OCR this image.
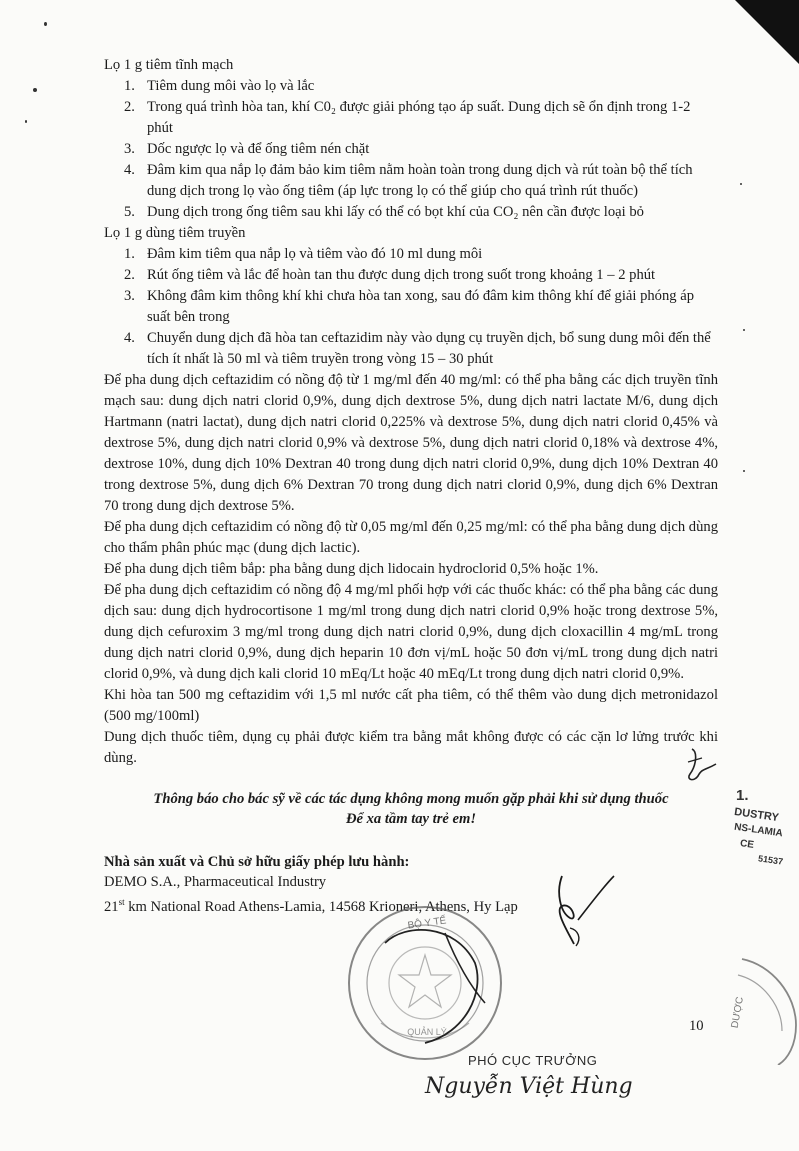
Lọ 1 g tiêm tĩnh mạch
1. Tiêm dung môi vào lọ và lắc
2. Trong quá trình hòa tan, khí C0₂ được giải phóng tạo áp suất. Dung dịch sẽ ổn định trong 1-2 phút
3. Dốc ngược lọ và để ống tiêm nén chặt
4. Đâm kim qua nắp lọ đảm bảo kim tiêm nằm hoàn toàn trong dung dịch và rút toàn bộ thể tích dung dịch trong lọ vào ống tiêm (áp lực trong lọ có thể giúp cho quá trình rút thuốc)
5. Dung dịch trong ống tiêm sau khi lấy có thể có bọt khí của CO₂ nên cần được loại bỏ
Lọ 1 g dùng tiêm truyền
1. Đâm kim tiêm qua nắp lọ và tiêm vào đó 10 ml dung môi
2. Rút ống tiêm và lắc để hoàn tan thu được dung dịch trong suốt trong khoảng 1 – 2 phút
3. Không đâm kim thông khí khi chưa hòa tan xong, sau đó đâm kim thông khí để giải phóng áp suất bên trong
4. Chuyển dung dịch đã hòa tan ceftazidim này vào dụng cụ truyền dịch, bổ sung dung môi đến thể tích ít nhất là 50 ml và tiêm truyền trong vòng 15 – 30 phút

Để pha dung dịch ceftazidim có nồng độ từ 1 mg/ml đến 40 mg/ml: có thể pha bằng các dịch truyền tĩnh mạch sau: dung dịch natri clorid 0,9%, dung dịch dextrose 5%, dung dịch natri lactate M/6, dung dịch Hartmann (natri lactat), dung dịch natri clorid 0,225% và dextrose 5%, dung dịch natri clorid 0,45% và dextrose 5%, dung dịch natri clorid 0,9% và dextrose 5%, dung dịch natri clorid 0,18% và dextrose 4%, dextrose 10%, dung dịch 10% Dextran 40 trong dung dịch natri clorid 0,9%, dung dịch 10% Dextran 40 trong dextrose 5%, dung dịch 6% Dextran 70 trong dung dịch natri clorid 0,9%, dung dịch 6% Dextran 70 trong dung dịch dextrose 5%.

Để pha dung dịch ceftazidim có nồng độ từ 0,05 mg/ml đến 0,25 mg/ml: có thể pha bằng dung dịch dùng cho thẩm phân phúc mạc (dung dịch lactic).

Để pha dung dịch tiêm bắp: pha bằng dung dịch lidocain hydroclorid 0,5% hoặc 1%.

Để pha dung dịch ceftazidim có nồng độ 4 mg/ml phối hợp với các thuốc khác: có thể pha bằng các dung dịch sau: dung dịch hydrocortisone 1 mg/ml trong dung dịch natri clorid 0,9% hoặc trong dextrose 5%, dung dịch cefuroxim 3 mg/ml trong dung dịch natri clorid 0,9%, dung dịch cloxacillin 4 mg/mL trong dung dịch natri clorid 0,9%, dung dịch heparin 10 đơn vị/mL hoặc 50 đơn vị/mL trong dung dịch natri clorid 0,9%, và dung dịch kali clorid 10 mEq/Lt hoặc 40 mEq/Lt trong dung dịch natri clorid 0,9%.

Khi hòa tan 500 mg ceftazidim với 1,5 ml nước cất pha tiêm, có thể thêm vào dung dịch metronidazol (500 mg/100ml)

Dung dịch thuốc tiêm, dụng cụ phải được kiểm tra bằng mắt không được có các cặn lơ lửng trước khi dùng.

Thông báo cho bác sỹ về các tác dụng không mong muốn gặp phải khi sử dụng thuốc
Để xa tầm tay trẻ em!
Nhà sản xuất và Chủ sở hữu giấy phép lưu hành:
DEMO S.A., Pharmaceutical Industry
21st km National Road Athens-Lamia, 14568 Krioneri, Athens, Hy Lạp
1.
DUSTRY
NS-LAMIA
CE
51537
BỘ Y TẾ
QUẢN LÝ
DƯỢC
10
PHÓ CỤC TRƯỞNG
Nguyễn Việt Hùng
